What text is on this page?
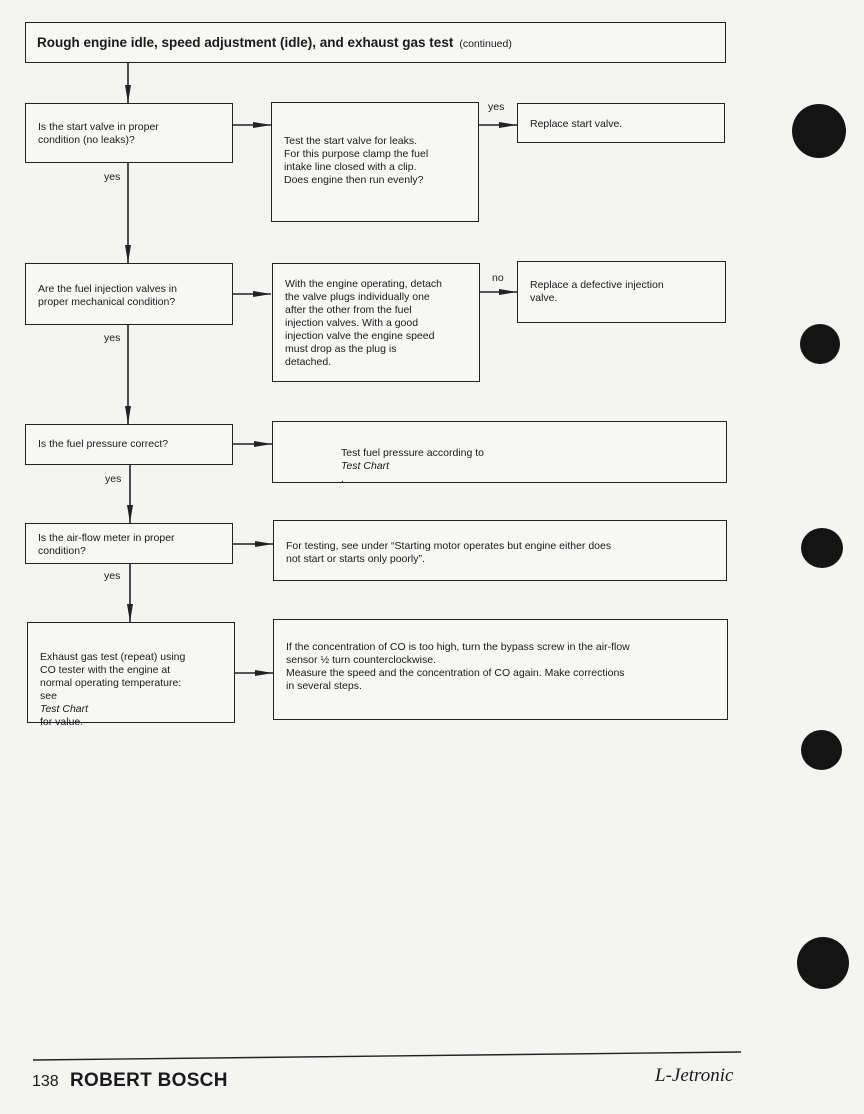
Rough engine idle, speed adjustment (idle), and exhaust gas test (continued)
Is the start valve in proper
condition (no leaks)?
yes
Test the start valve for leaks.
For this purpose clamp the fuel
intake line closed with a clip.
Does engine then run evenly?
yes
Replace start valve.
Are the fuel injection valves in
proper mechanical condition?
yes
With the engine operating, detach
the valve plugs individually one
after the other from the fuel
injection valves. With a good
injection valve the engine speed
must drop as the plug is
detached.
no
Replace a defective injection
valve.
Is the fuel pressure correct?
yes
Test fuel pressure according to
Test Chart
.
Is the air-flow meter in proper
condition?
yes
For testing, see under “Starting motor operates but engine either does
not start or starts only poorly”.
Exhaust gas test (repeat) using
CO tester with the engine at
normal operating temperature:
see
Test Chart
for value.
If the concentration of CO is too high, turn the bypass screw in the air-flow
sensor ½ turn counterclockwise.
Measure the speed and the concentration of CO again. Make corrections
in several steps.
138 ROBERT BOSCH	L-Jetronic
